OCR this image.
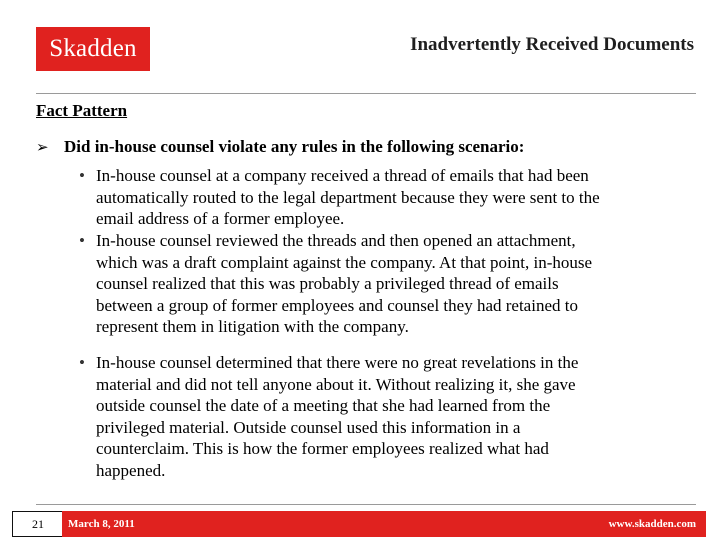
Skadden	Inadvertently Received Documents
Fact Pattern
➢ Did in-house counsel violate any rules in the following scenario:
• In-house counsel at a company received a thread of emails that had been
automatically routed to the legal department because they were sent to the
email address of a former employee.
• In-house counsel reviewed the threads and then opened an attachment,
which was a draft complaint against the company. At that point, in-house
counsel realized that this was probably a privileged thread of emails
between a group of former employees and counsel they had retained to
represent them in litigation with the company.
• In-house counsel determined that there were no great revelations in the
material and did not tell anyone about it. Without realizing it, she gave
outside counsel the date of a meeting that she had learned from the
privileged material. Outside counsel used this information in a
counterclaim. This is how the former employees realized what had
happened.
21	March 8, 2011	www.skadden.com
